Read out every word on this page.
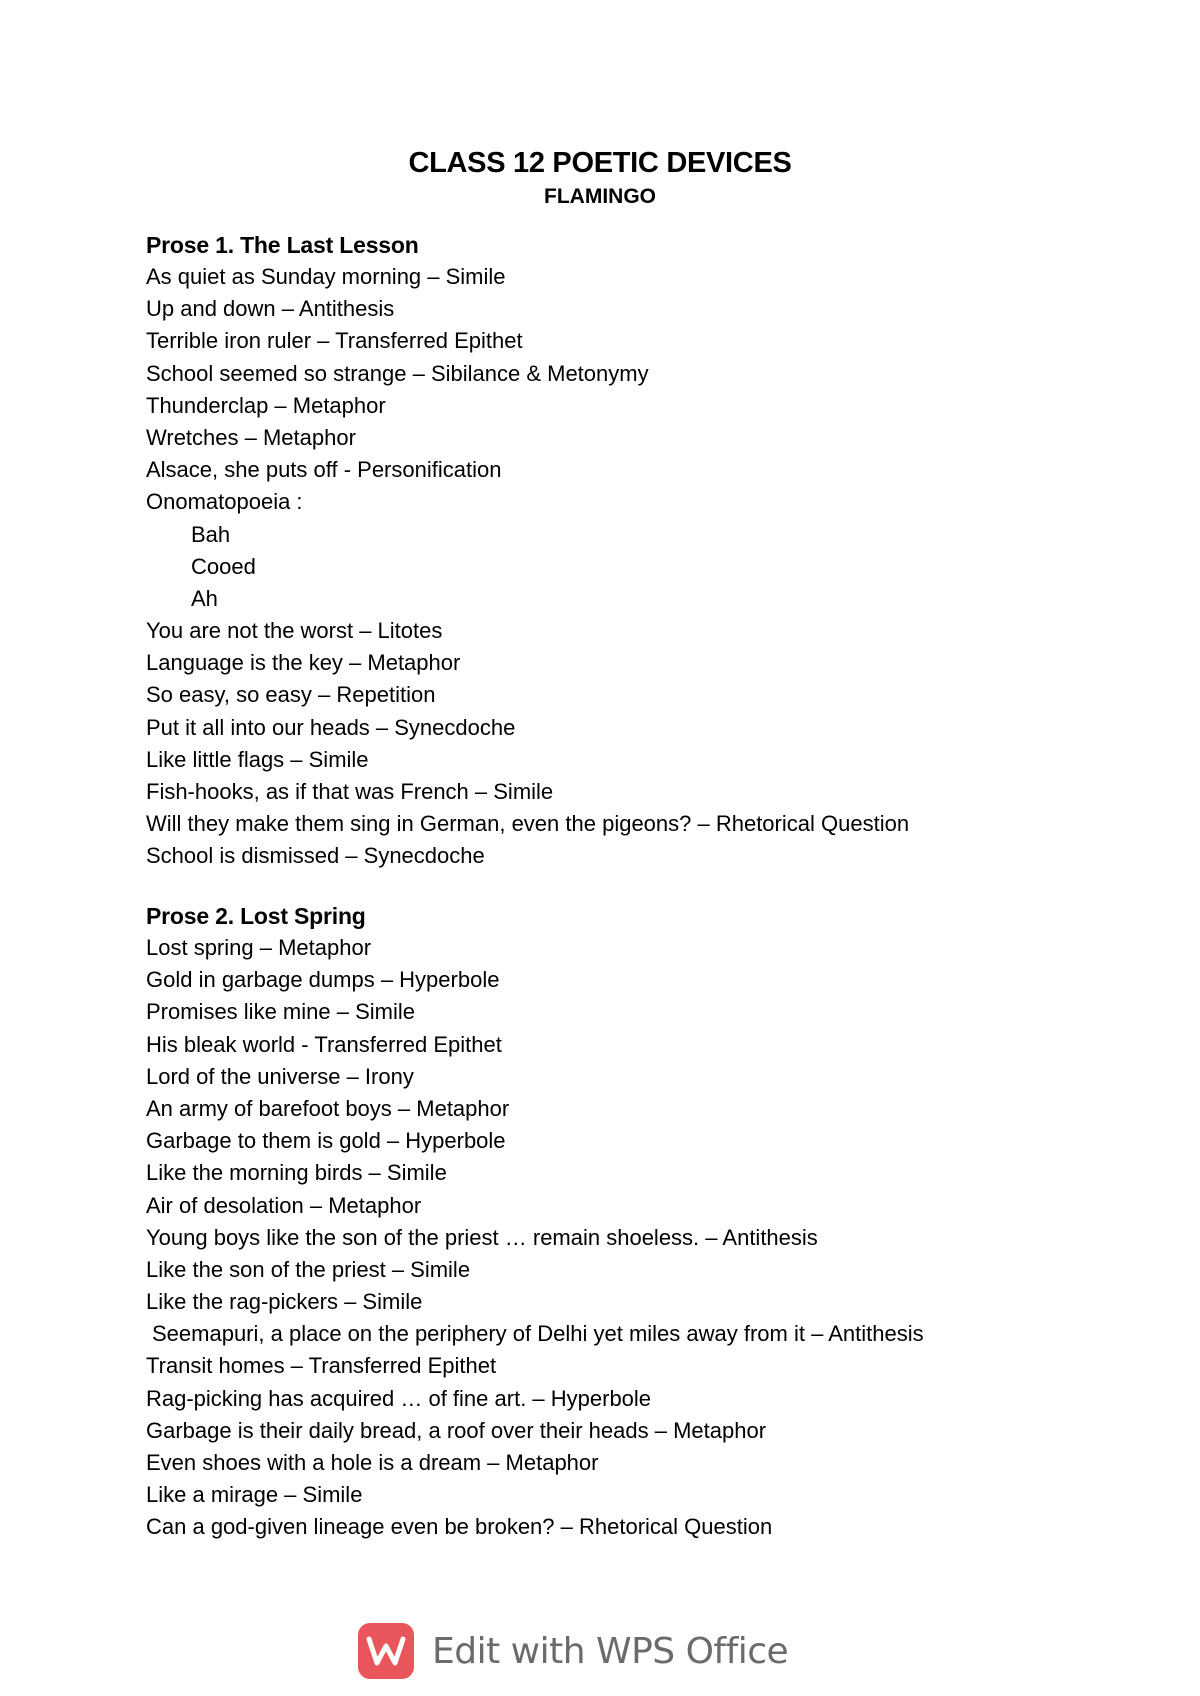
CLASS 12 POETIC DEVICES
FLAMINGO
Prose 1. The Last Lesson
As quiet as Sunday morning – Simile
Up and down – Antithesis
Terrible iron ruler – Transferred Epithet
School seemed so strange – Sibilance & Metonymy
Thunderclap – Metaphor
Wretches – Metaphor
Alsace, she puts off - Personification
Onomatopoeia :
Bah
Cooed
Ah
You are not the worst – Litotes
Language is the key – Metaphor
So easy, so easy – Repetition
Put it all into our heads – Synecdoche
Like little flags – Simile
Fish-hooks, as if that was French – Simile
Will they make them sing in German, even the pigeons? – Rhetorical Question
School is dismissed – Synecdoche
Prose 2. Lost Spring
Lost spring – Metaphor
Gold in garbage dumps – Hyperbole
Promises like mine – Simile
His bleak world - Transferred Epithet
Lord of the universe – Irony
An army of barefoot boys – Metaphor
Garbage to them is gold – Hyperbole
Like the morning birds – Simile
Air of desolation – Metaphor
Young boys like the son of the priest … remain shoeless. – Antithesis
Like the son of the priest – Simile
Like the rag-pickers – Simile
Seemapuri, a place on the periphery of Delhi yet miles away from it – Antithesis
Transit homes – Transferred Epithet
Rag-picking has acquired … of fine art. – Hyperbole
Garbage is their daily bread, a roof over their heads – Metaphor
Even shoes with a hole is a dream – Metaphor
Like a mirage – Simile
Can a god-given lineage even be broken? – Rhetorical Question
Edit with WPS Office
